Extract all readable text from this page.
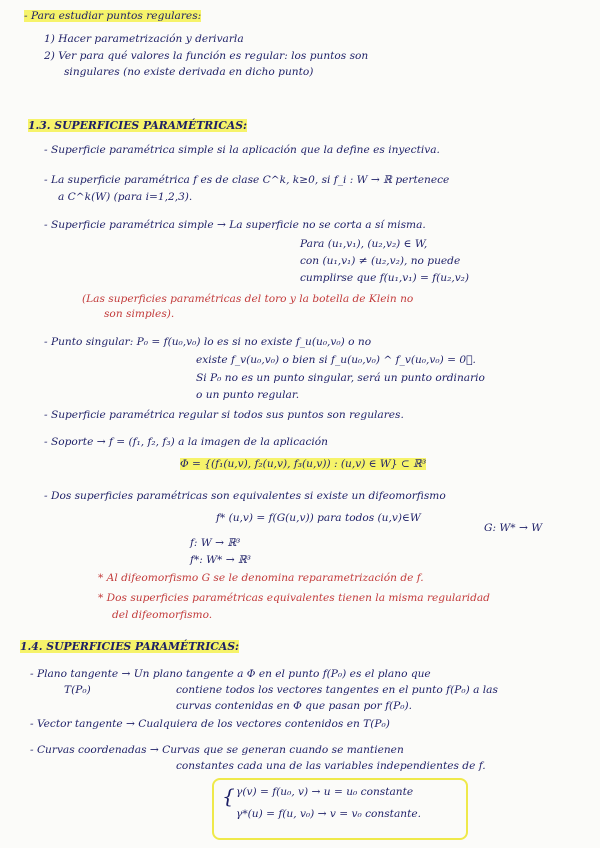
- Para estudiar puntos regulares:
1) Hacer parametrización y derivarla
2) Ver para qué valores la función es regular: los puntos son
singulares (no existe derivada en dicho punto)
1.3. SUPERFICIES PARAMÉTRICAS:
- Superficie paramétrica simple si la aplicación que la define es inyectiva.
- La superficie paramétrica f es de clase C^k, k≥0, si f_i : W → ℝ pertenece
a C^k(W) (para i=1,2,3).
- Superficie paramétrica simple → La superficie no se corta a sí misma.
Para (u₁,v₁), (u₂,v₂) ∈ W,
con (u₁,v₁) ≠ (u₂,v₂), no puede
cumplirse que f(u₁,v₁) = f(u₂,v₂)
(Las superficies paramétricas del toro y la botella de Klein no
son simples).
- Punto singular: P₀ = f(u₀,v₀) lo es si no existe f_u(u₀,v₀) o no
existe f_v(u₀,v₀) o bien si f_u(u₀,v₀) ^ f_v(u₀,v₀) = 0⃗.
Si P₀ no es un punto singular, será un punto ordinario
o un punto regular.
- Superficie paramétrica regular si todos sus puntos son regulares.
- Soporte → f = (f₁, f₂, f₃) a la imagen de la aplicación
Φ = {(f₁(u,v), f₂(u,v), f₃(u,v)) : (u,v) ∈ W} ⊂ ℝ³
- Dos superficies paramétricas son equivalentes si existe un difeomorfismo
f* (u,v) = f(G(u,v)) para todos (u,v)∈W
G: W* → W
f: W → ℝ³
f*: W* → ℝ³
* Al difeomorfismo G se le denomina reparametrización de f.
* Dos superficies paramétricas equivalentes tienen la misma regularidad
del difeomorfismo.
1.4. SUPERFICIES PARAMÉTRICAS:
- Plano tangente → Un plano tangente a Φ en el punto f(P₀) es el plano que
T(P₀)	contiene todos los vectores tangentes en el punto f(P₀) a las
curvas contenidas en Φ que pasan por f(P₀).
- Vector tangente → Cualquiera de los vectores contenidos en T(P₀)
- Curvas coordenadas → Curvas que se generan cuando se mantienen
constantes cada una de las variables independientes de f.
{ γ(v) = f(u₀, v) → u = u₀ constante
γ*(u) = f(u, v₀) → v = v₀ constante.
